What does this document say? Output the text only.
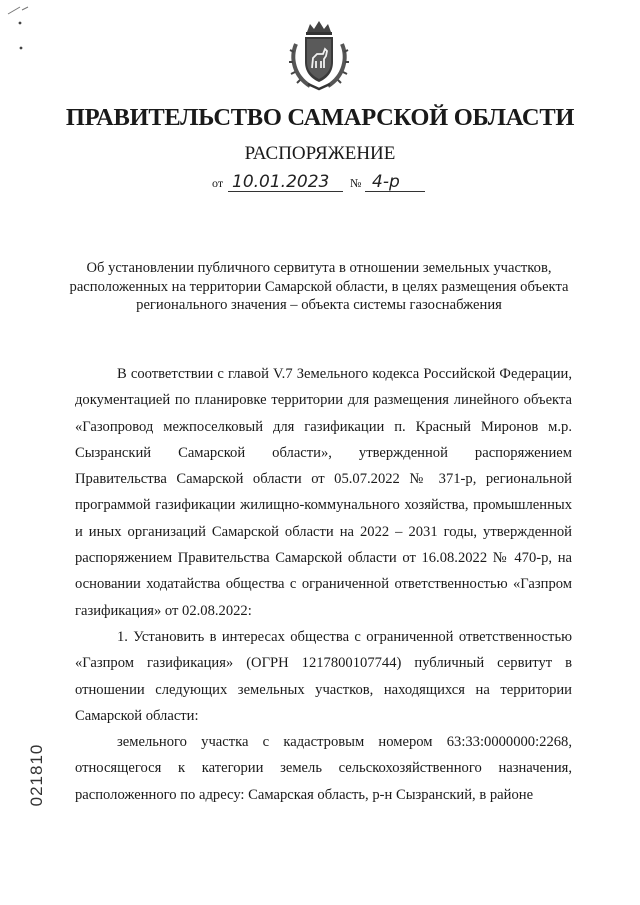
ПРАВИТЕЛЬСТВО САМАРСКОЙ ОБЛАСТИ
РАСПОРЯЖЕНИЕ
от 10.01.2023 № 4-р
Об установлении публичного сервитута в отношении земельных участков, расположенных на территории Самарской области, в целях размещения объекта регионального значения – объекта системы газоснабжения

В соответствии с главой V.7 Земельного кодекса Российской Федерации, документацией по планировке территории для размещения линейного объекта «Газопровод межпоселковый для газификации п. Красный Миронов м.р. Сызранский Самарской области», утвержденной распоряжением Правительства Самарской области от 05.07.2022 № 371-р, региональной программой газификации жилищно-коммунального хозяйства, промышленных и иных организаций Самарской области на 2022 – 2031 годы, утвержденной распоряжением Правительства Самарской области от 16.08.2022 № 470-р, на основании ходатайства общества с ограниченной ответственностью «Газпром газификация» от 02.08.2022:

1. Установить в интересах общества с ограниченной ответственностью «Газпром газификация» (ОГРН 1217800107744) публичный сервитут в отношении следующих земельных участков, находящихся на территории Самарской области:

земельного участка с кадастровым номером 63:33:0000000:2268, относящегося к категории земель сельскохозяйственного назначения, расположенного по адресу: Самарская область, р-н Сызранский, в районе

021810
